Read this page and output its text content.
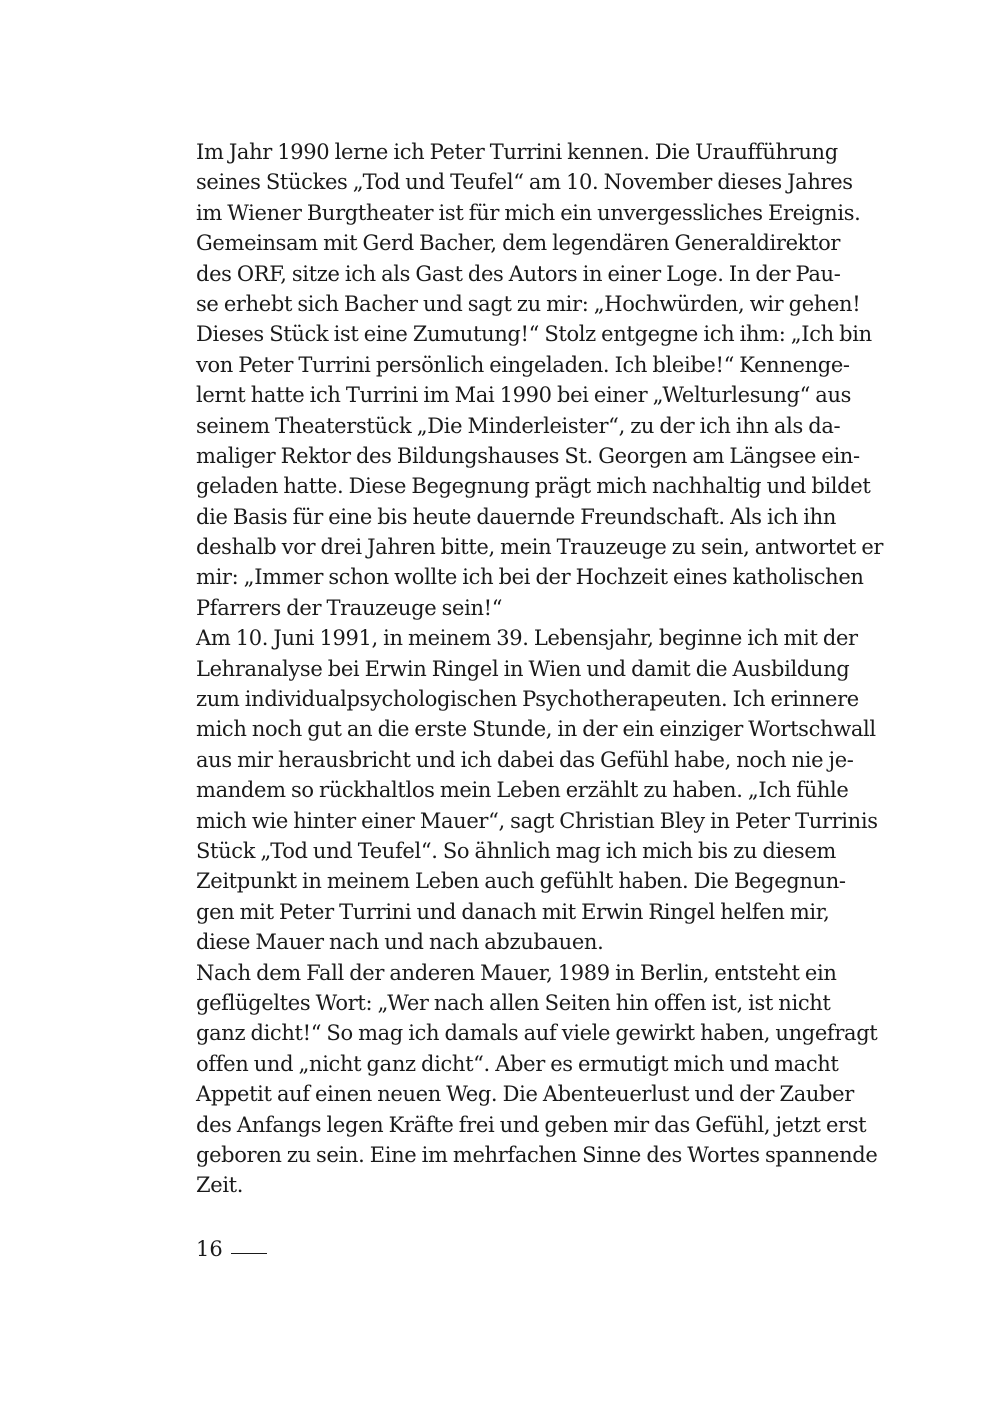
Im Jahr 1990 lerne ich Peter Turrini kennen. Die Uraufführung
seines Stückes „Tod und Teufel“ am 10. November dieses Jahres
im Wiener Burgtheater ist für mich ein unvergessliches Ereignis.
Gemeinsam mit Gerd Bacher, dem legendären Generaldirektor
des ORF, sitze ich als Gast des Autors in einer Loge. In der Pau-
se erhebt sich Bacher und sagt zu mir: „Hochwürden, wir gehen!
Dieses Stück ist eine Zumutung!“ Stolz entgegne ich ihm: „Ich bin
von Peter Turrini persönlich eingeladen. Ich bleibe!“ Kennenge-
lernt hatte ich Turrini im Mai 1990 bei einer „Welturlesung“ aus
seinem Theaterstück „Die Minderleister“, zu der ich ihn als da-
maliger Rektor des Bildungshauses St. Georgen am Längsee ein-
geladen hatte. Diese Begegnung prägt mich nachhaltig und bildet
die Basis für eine bis heute dauernde Freundschaft. Als ich ihn
deshalb vor drei Jahren bitte, mein Trauzeuge zu sein, antwortet er
mir: „Immer schon wollte ich bei der Hochzeit eines katholischen
Pfarrers der Trauzeuge sein!“
Am 10. Juni 1991, in meinem 39. Lebensjahr, beginne ich mit der
Lehranalyse bei Erwin Ringel in Wien und damit die Ausbildung
zum individualpsychologischen Psychotherapeuten. Ich erinnere
mich noch gut an die erste Stunde, in der ein einziger Wortschwall
aus mir herausbricht und ich dabei das Gefühl habe, noch nie je-
mandem so rückhaltlos mein Leben erzählt zu haben. „Ich fühle
mich wie hinter einer Mauer“, sagt Christian Bley in Peter Turrinis
Stück „Tod und Teufel“. So ähnlich mag ich mich bis zu diesem
Zeitpunkt in meinem Leben auch gefühlt haben. Die Begegnun-
gen mit Peter Turrini und danach mit Erwin Ringel helfen mir,
diese Mauer nach und nach abzubauen.
Nach dem Fall der anderen Mauer, 1989 in Berlin, entsteht ein
geflügeltes Wort: „Wer nach allen Seiten hin offen ist, ist nicht
ganz dicht!“ So mag ich damals auf viele gewirkt haben, ungefragt
offen und „nicht ganz dicht“. Aber es ermutigt mich und macht
Appetit auf einen neuen Weg. Die Abenteuerlust und der Zauber
des Anfangs legen Kräfte frei und geben mir das Gefühl, jetzt erst
geboren zu sein. Eine im mehrfachen Sinne des Wortes spannende
Zeit.
16
